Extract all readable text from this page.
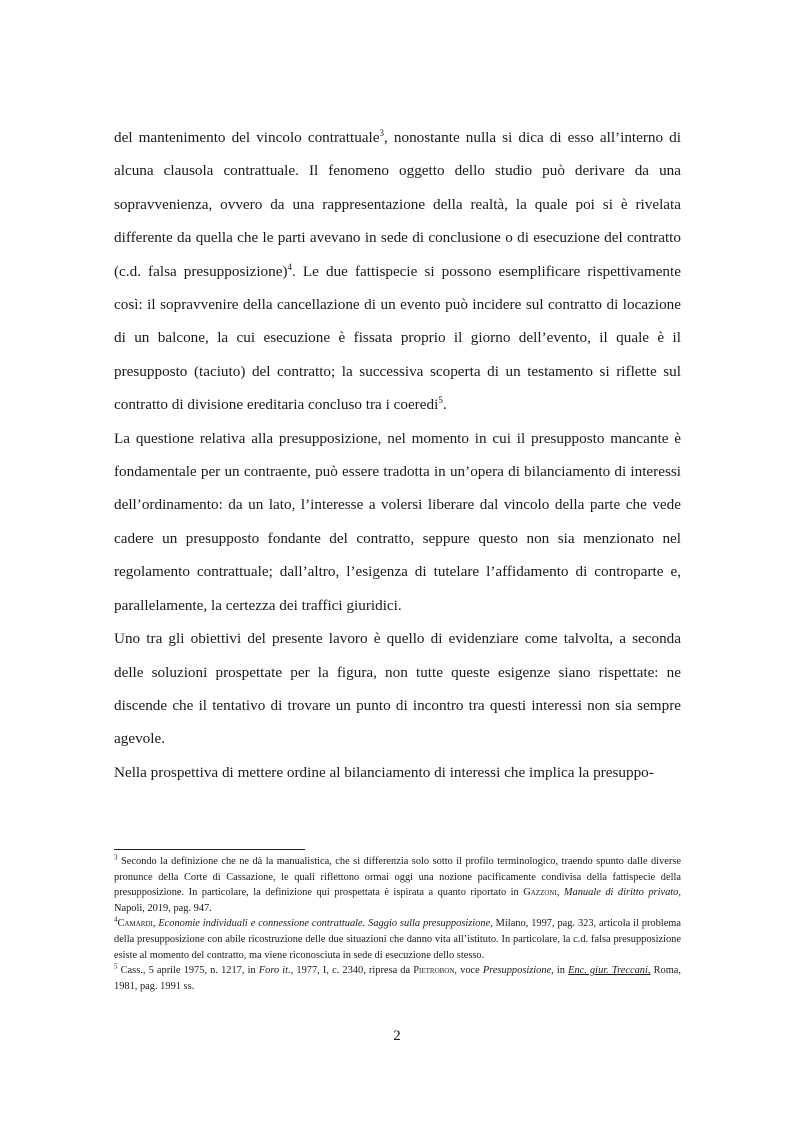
del mantenimento del vincolo contrattuale$^3$, nonostante nulla si dica di esso all’interno di alcuna clausola contrattuale. Il fenomeno oggetto dello studio può derivare da una sopravvenienza, ovvero da una rappresentazione della realtà, la quale poi si è rivelata differente da quella che le parti avevano in sede di conclusione o di esecuzione del contratto (c.d. falsa presupposizione)$^4$. Le due fattispecie si possono esemplificare rispettivamente così: il sopravvenire della cancellazione di un evento può incidere sul contratto di locazione di un balcone, la cui esecuzione è fissata proprio il giorno dell’evento, il quale è il presupposto (taciuto) del contratto; la successiva scoperta di un testamento si riflette sul contratto di divisione ereditaria concluso tra i coeredi$^5$.

La questione relativa alla presupposizione, nel momento in cui il presupposto mancante è fondamentale per un contraente, può essere tradotta in un’opera di bilanciamento di interessi dell’ordinamento: da un lato, l’interesse a volersi liberare dal vincolo della parte che vede cadere un presupposto fondante del contratto, seppure questo non sia menzionato nel regolamento contrattuale; dall’altro, l’esigenza di tutelare l’affidamento di controparte e, parallelamente, la certezza dei traffici giuridici.

Uno tra gli obiettivi del presente lavoro è quello di evidenziare come talvolta, a seconda delle soluzioni prospettate per la figura, non tutte queste esigenze siano rispettate: ne discende che il tentativo di trovare un punto di incontro tra questi interessi non sia sempre agevole.

Nella prospettiva di mettere ordine al bilanciamento di interessi che implica la presuppo-

$^3$ Secondo la definizione che ne dà la manualistica, che si differenzia solo sotto il profilo terminologico, traendo spunto dalle diverse pronunce della Corte di Cassazione, le quali riflettono ormai oggi una nozione pacificamente condivisa della fattispecie della presupposizione. In particolare, la definizione qui prospettata è ispirata a quanto riportato in Gazzoni, Manuale di diritto privato, Napoli, 2019, pag. 947.

$^4$Camardi, Economie individuali e connessione contrattuale. Saggio sulla presupposizione, Milano, 1997, pag. 323, articola il problema della presupposizione con abile ricostruzione delle due situazioni che danno vita all’istituto. In particolare, la c.d. falsa presupposizione esiste al momento del contratto, ma viene riconosciuta in sede di esecuzione dello stesso.

$^5$ Cass., 5 aprile 1975, n. 1217, in Foro it., 1977, I, c. 2340, ripresa da Pietrobon, voce Presupposizione, in Enc. giur. Treccani, Roma, 1981, pag. 1991 ss.

2
